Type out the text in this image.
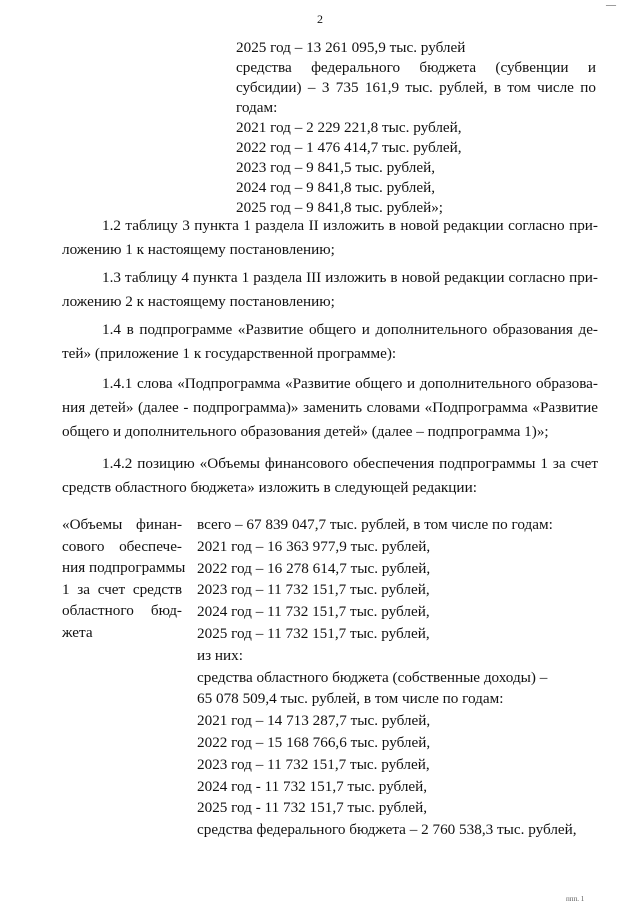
2
—
2025 год – 13 261 095,9 тыс. рублей
средства федерального бюджета (субвенции и
субсидии) – 3 735 161,9 тыс. рублей, в том числе по
годам:
2021 год – 2 229 221,8 тыс. рублей,
2022 год – 1 476 414,7 тыс. рублей,
2023 год – 9 841,5 тыс. рублей,
2024 год – 9 841,8 тыс. рублей,
2025 год – 9 841,8 тыс. рублей»;
1.2 таблицу 3 пункта 1 раздела II изложить в новой редакции согласно при-
ложению 1 к настоящему постановлению;
1.3 таблицу 4 пункта 1 раздела III изложить в новой редакции согласно при-
ложению 2 к настоящему постановлению;
1.4 в подпрограмме «Развитие общего и дополнительного образования де-
тей» (приложение 1 к государственной программе):
1.4.1 слова «Подпрограмма «Развитие общего и дополнительного образова-
ния детей» (далее - подпрограмма)» заменить словами «Подпрограмма «Развитие
общего и дополнительного образования детей» (далее – подпрограмма 1)»;
1.4.2 позицию «Объемы финансового обеспечения подпрограммы 1 за счет
средств областного бюджета» изложить в следующей редакции:
«Объемы финан-
сового обеспече-
ния подпрограммы
1 за счет средств
областного бюд-
жета
всего – 67 839 047,7 тыс. рублей, в том числе по годам:
2021 год – 16 363 977,9 тыс. рублей,
2022 год – 16 278 614,7 тыс. рублей,
2023 год – 11 732 151,7 тыс. рублей,
2024 год – 11 732 151,7 тыс. рублей,
2025 год – 11 732 151,7 тыс. рублей,
из них:
средства областного бюджета (собственные доходы) –
65 078 509,4 тыс. рублей, в том числе по годам:
2021 год – 14 713 287,7 тыс. рублей,
2022 год – 15 168 766,6 тыс. рублей,
2023 год – 11 732 151,7 тыс. рублей,
2024 год - 11 732 151,7 тыс. рублей,
2025 год - 11 732 151,7 тыс. рублей,
средства федерального бюджета – 2 760 538,3 тыс. рублей,
ппп. 1
